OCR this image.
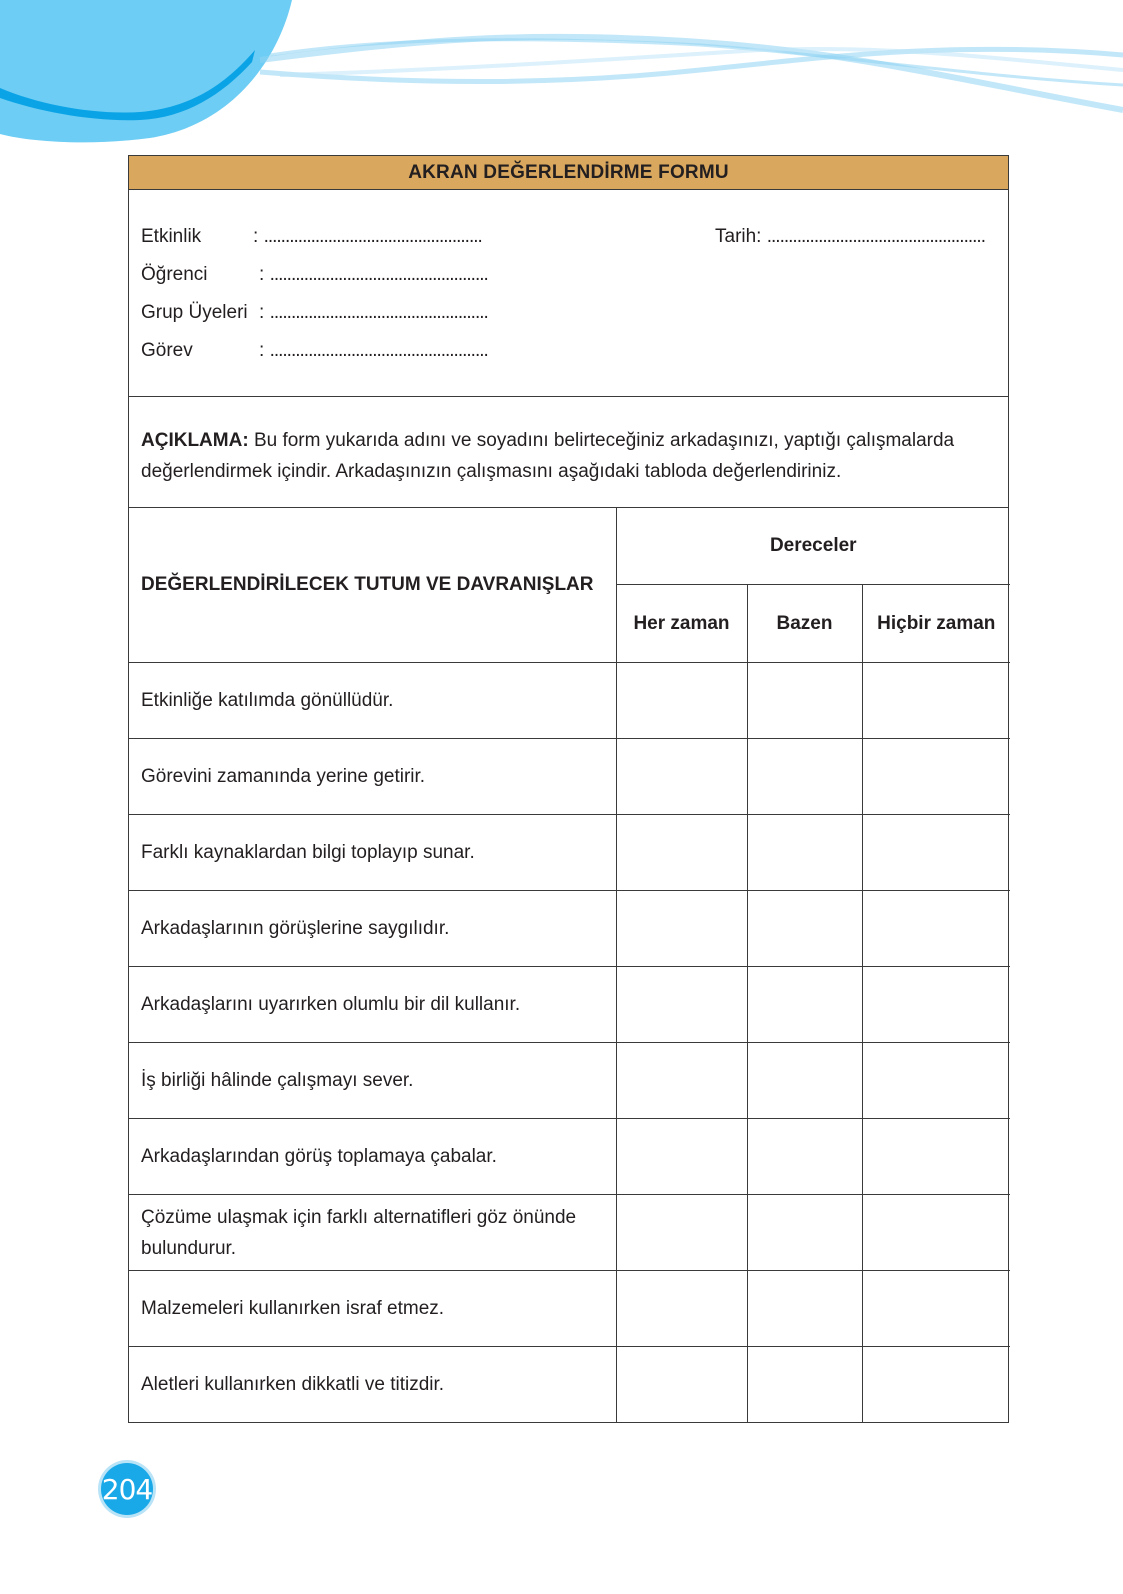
AKRAN DEĞERLENDİRME FORMU
Etkinlik	:
...................................................
Öğrenci	:
...................................................
Grup Üyeleri :
...................................................
Görev	:
...................................................
Tarih: ...................................................
AÇIKLAMA: Bu form yukarıda adını ve soyadını belirteceğiniz arkadaşınızı, yaptığı çalışmalarda değerlendirmek içindir. Arkadaşınızın çalışmasını aşağıdaki tabloda değerlendiriniz.
DEĞERLENDİRİLECEK TUTUM VE DAVRANIŞLAR	Dereceler		
	Her zaman	Bazen	Hiçbir zaman
Etkinliğe katılımda gönüllüdür.			
Görevini zamanında yerine getirir.			
Farklı kaynaklardan bilgi toplayıp sunar.			
Arkadaşlarının görüşlerine saygılıdır.			
Arkadaşlarını uyarırken olumlu bir dil kullanır.			
İş birliği hâlinde çalışmayı sever.			
Arkadaşlarından görüş toplamaya çabalar.			
Çözüme ulaşmak için farklı alternatifleri göz önünde bulundurur.			
Malzemeleri kullanırken israf etmez.			
Aletleri kullanırken dikkatli ve titizdir.			
204
